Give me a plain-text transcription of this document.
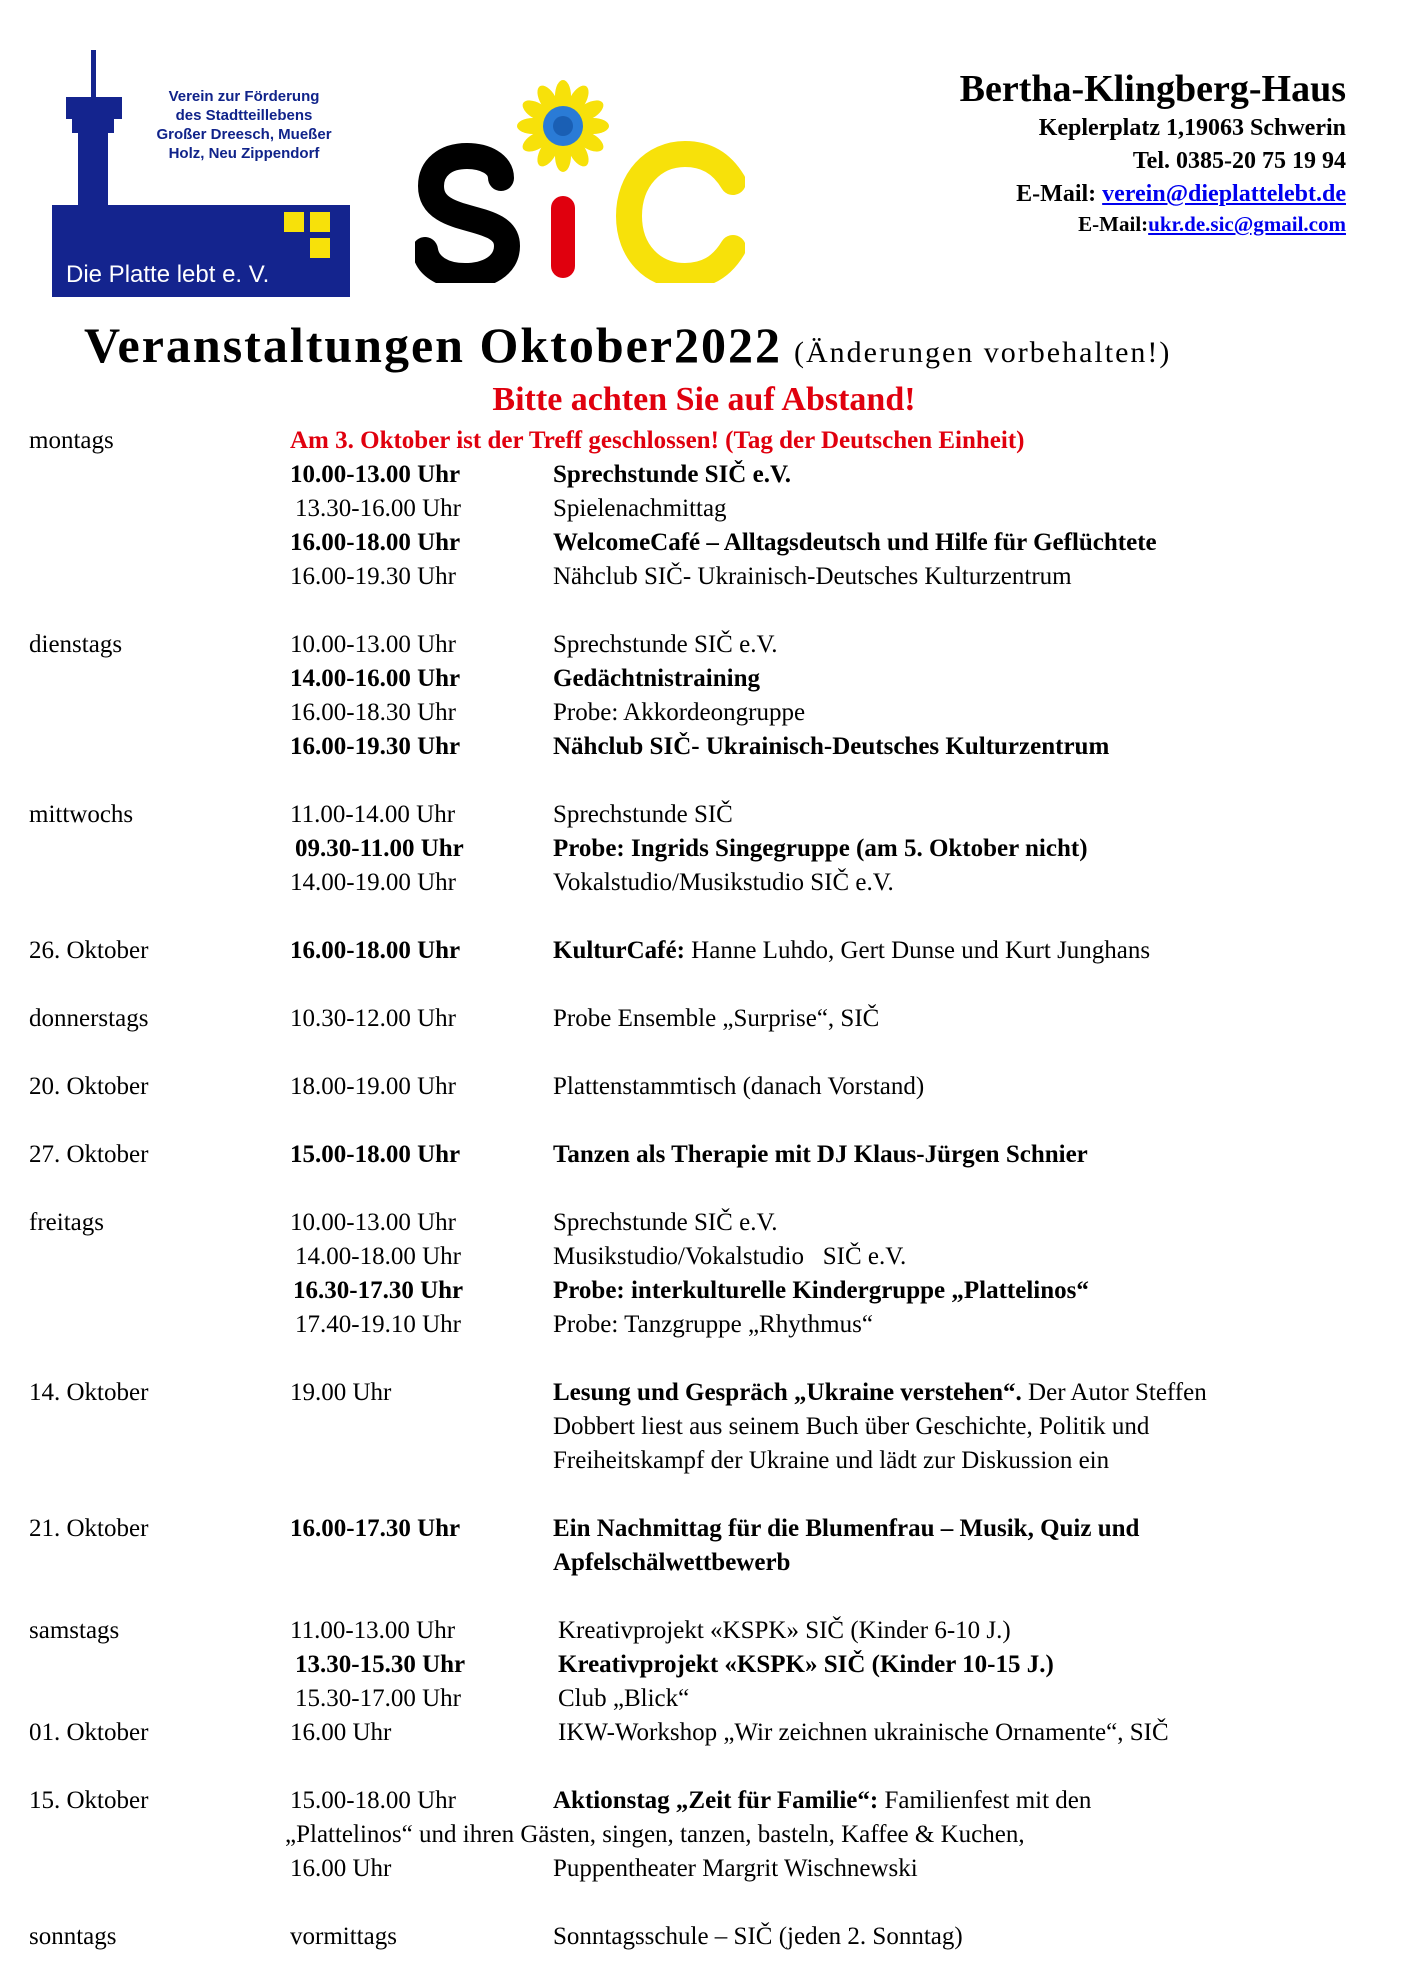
Verein zur Förderung
des Stadtteillebens
Großer Dreesch, Mueßer
Holz, Neu Zippendorf
Die Platte lebt e. V.
Bertha-Klingberg-Haus
Keplerplatz 1,19063 Schwerin
Tel. 0385-20 75 19 94
E-Mail: verein@dieplattelebt.de
E-Mail:ukr.de.sic@gmail.com
Veranstaltungen Oktober2022 (Änderungen vorbehalten!)
Bitte achten Sie auf Abstand!
montags	Am 3. Oktober ist der Treff geschlossen! (Tag der Deutschen Einheit)
10.00-13.00 Uhr	Sprechstunde SIČ e.V.
13.30-16.00 Uhr	Spielenachmittag
16.00-18.00 Uhr	WelcomeCafé – Alltagsdeutsch und Hilfe für Geflüchtete
16.00-19.30 Uhr	Nähclub SIČ- Ukrainisch-Deutsches Kulturzentrum
dienstags	10.00-13.00 Uhr	Sprechstunde SIČ e.V.
14.00-16.00 Uhr	Gedächtnistraining
16.00-18.30 Uhr	Probe: Akkordeongruppe
16.00-19.30 Uhr	Nähclub SIČ- Ukrainisch-Deutsches Kulturzentrum
mittwochs	11.00-14.00 Uhr	Sprechstunde SIČ
09.30-11.00 Uhr	Probe: Ingrids Singegruppe (am 5. Oktober nicht)
14.00-19.00 Uhr	Vokalstudio/Musikstudio SIČ e.V.
26. Oktober	16.00-18.00 Uhr	KulturCafé: Hanne Luhdo, Gert Dunse und Kurt Junghans
donnerstags	10.30-12.00 Uhr	Probe Ensemble „Surprise“, SIČ
20. Oktober	18.00-19.00 Uhr	Plattenstammtisch (danach Vorstand)
27. Oktober	15.00-18.00 Uhr	Tanzen als Therapie mit DJ Klaus-Jürgen Schnier
freitags	10.00-13.00 Uhr	Sprechstunde SIČ e.V.
14.00-18.00 Uhr	Musikstudio/Vokalstudio   SIČ e.V.
16.30-17.30 Uhr	Probe: interkulturelle Kindergruppe „Plattelinos“
17.40-19.10 Uhr	Probe: Tanzgruppe „Rhythmus“
14. Oktober	19.00 Uhr	Lesung und Gespräch „Ukraine verstehen“. Der Autor Steffen
Dobbert liest aus seinem Buch über Geschichte, Politik und
Freiheitskampf der Ukraine und lädt zur Diskussion ein
21. Oktober	16.00-17.30 Uhr	Ein Nachmittag für die Blumenfrau – Musik, Quiz und
Apfelschälwettbewerb
samstags	11.00-13.00 Uhr	Kreativprojekt «KSPK» SIČ (Kinder 6-10 J.)
13.30-15.30 Uhr	Kreativprojekt «KSPK» SIČ (Kinder 10-15 J.)
15.30-17.00 Uhr	Club „Blick“
01. Oktober	16.00 Uhr	IKW-Workshop „Wir zeichnen ukrainische Ornamente“, SIČ
15. Oktober	15.00-18.00 Uhr	Aktionstag „Zeit für Familie“: Familienfest mit den
„Plattelinos“ und ihren Gästen, singen, tanzen, basteln, Kaffee & Kuchen,
16.00 Uhr	Puppentheater Margrit Wischnewski
sonntags	vormittags	Sonntagsschule – SIČ (jeden 2. Sonntag)
